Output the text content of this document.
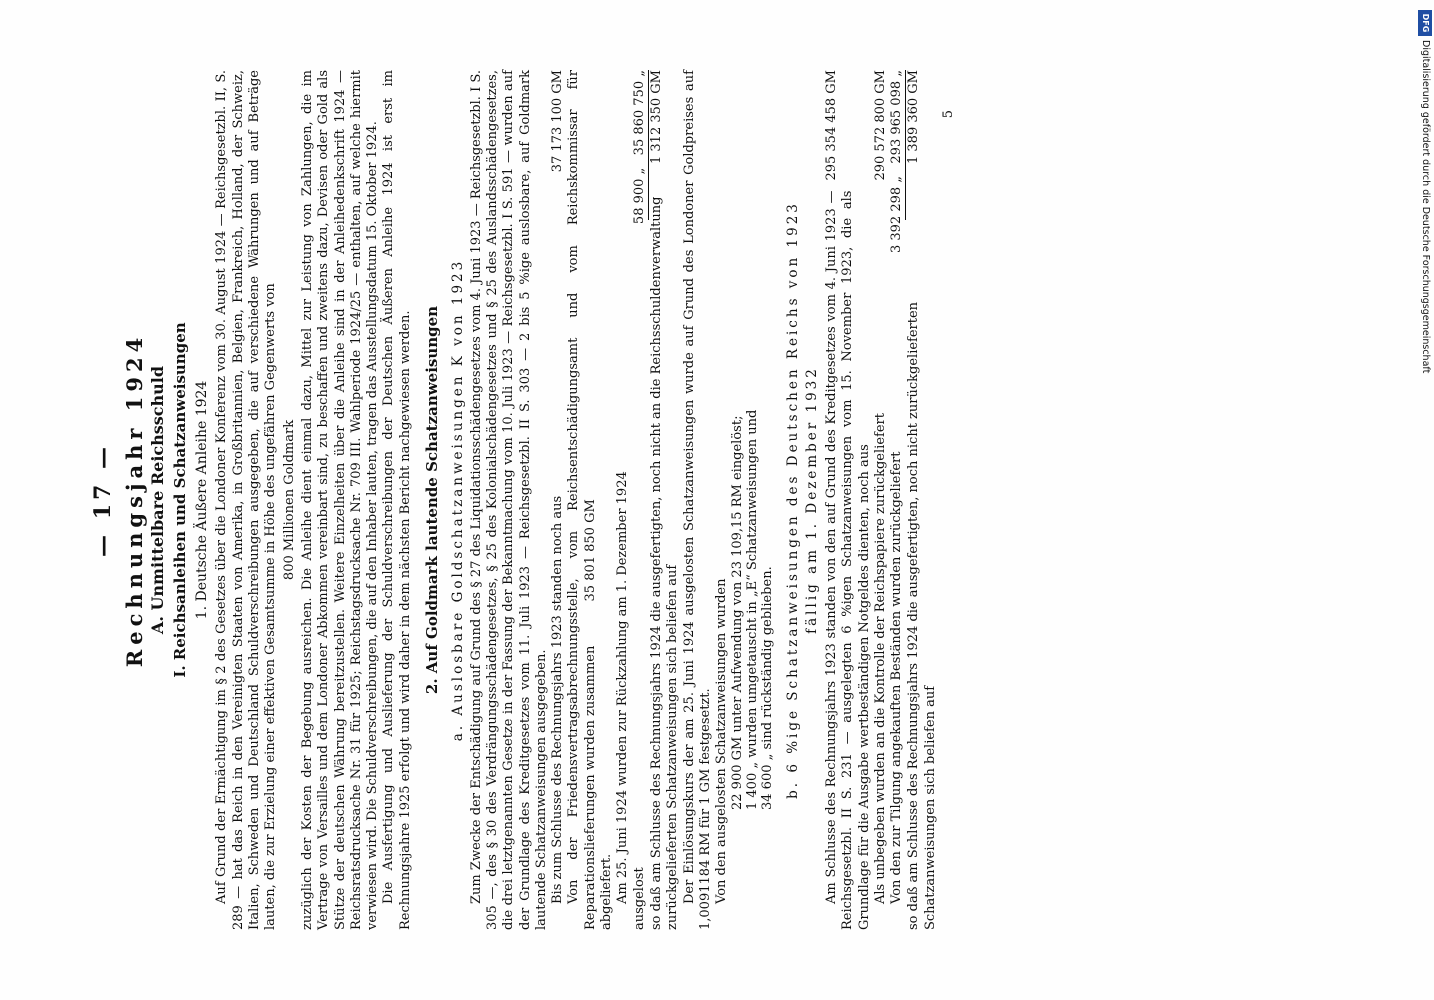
— 17 — Rechnungsjahr 1924 A. Unmittelbare Reichsschuld I. Reichsanleihen und Schatzanweisungen 1. Deutsche Äußere Anleihe 1924 Auf Grund der Ermächtigung im § 2 des Gesetzes über die Londoner Konferenz vom 30. August 1924 — Reichsgesetzbl. II, S. 289 — hat das Reich in den Vereinigten Staaten von Amerika, in Großbritannien, Belgien, Frankreich, Holland, der Schweiz, Italien, Schweden und Deutschland Schuldverschreibungen ausgegeben, die auf verschiedene Währungen und auf Beträge lauten, die zur Erzielung einer effektiven Gesamtsumme in Höhe des ungefähren Gegenwerts von 800 Millionen Goldmark zuzüglich der Kosten der Begebung ausreichen. Die Anleihe dient einmal dazu, Mittel zur Leistung von Zahlungen, die im Vertrage von Versailles und dem Londoner Abkommen vereinbart sind, zu beschaffen und zweitens dazu, Devisen oder Gold als Stütze der deutschen Währung bereitzustellen. Weitere Einzelheiten über die Anleihe sind in der Anleihedenkschrift 1924 — Reichsratsdrucksache Nr. 31 für 1925; Reichstagsdrucksache Nr. 709 III. Wahlperiode 1924/25 — enthalten, auf welche hiermit verwiesen wird. Die Schuldverschreibungen, die auf den Inhaber lauten, tragen das Ausstellungsdatum 15. Oktober 1924. Die Ausfertigung und Auslieferung der Schuldverschreibungen der Deutschen Äußeren Anleihe 1924 ist erst im Rechnungsjahre 1925 erfolgt und wird daher in dem nächsten Bericht nachgewiesen werden. 2. Auf Goldmark lautende Schatzanweisungen a. Auslosbare Goldschatzanweisungen K von 1923 Zum Zwecke der Entschädigung auf Grund des § 27 des Liquidationsschädengesetzes vom 4. Juni 1923 — Reichsgesetzbl. I S. 305 —, des § 30 des Verdrängungsschädengesetzes, § 25 des Kolonialschädengesetzes und § 25 des Auslandsschädengesetzes, die drei letztgenannten Gesetze in der Fassung der Bekanntmachung vom 10. Juli 1923 — Reichsgesetzbl. I S. 591 — wurden auf der Grundlage des Kreditgesetzes vom 11. Juli 1923 — Reichsgesetzbl. II S. 303 — 2 bis 5 %ige auslosbare, auf Goldmark lautende Schatzanweisungen ausgegeben. Bis zum Schlusse des Rechnungsjahrs 1923 standen noch aus
37 173 100 GM Von der Friedensvertragsabrechnungsstelle, vom Reichsentschädigungsamt und vom Reichskommissar für Reparationslieferungen wurden zusammen 35 801 850 GM

abgeliefert. Am 25. Juni 1924 wurden zur Rückzahlung am 1. Dezember 1924 ausgelost
58 900 „   35 860 750 „
so daß am Schlusse des Rechnungsjahrs 1924 die ausgefertigten, noch nicht an die Reichsschuldenverwaltung zurückgelieferten Schatzanweisungen sich beliefen auf
1 312 350 GM Der Einlösungskurs der am 25. Juni 1924 ausgelosten Schatzanweisungen wurde auf Grund des Londoner Goldpreises auf 1,0091184 RM für 1 GM festgesetzt. Von den ausgelosten Schatzanweisungen wurden 22 900 GM unter Aufwendung von 23 109,15 RM eingelöst; 1 400 „ wurden umgetauscht in „E“ Schatzanweisungen und 34 600 „ sind rückständig geblieben. b. 6 %ige Schatzanweisungen des Deutschen Reichs von 1923 fällig am 1. Dezember 1932 Am Schlusse des Rechnungsjahrs 1923 standen von den auf Grund des Kreditgesetzes vom 4. Juni 1923 — Reichsgesetzbl. II S. 231 — ausgelegten 6 %igen Schatzanweisungen vom 15. November 1923, die als Grundlage für die Ausgabe wertbeständigen Notgeldes dienten, noch aus
295 354 458 GM
Als unbegeben wurden an die Kontrolle der Reichspapiere zurückgeliefert
290 572 800 GM
Von den zur Tilgung angekauften Beständen wurden zurückgeliefert
3 392 298 „   293 965 098 „
so daß am Schlusse des Rechnungsjahrs 1924 die ausgefertigten, noch nicht zurückgelieferten Schatzanweisungen sich beliefen auf
1 389 360 GM 5
DFG
Digitalisierung gefördert durch die Deutsche Forschungsgemeinschaft
